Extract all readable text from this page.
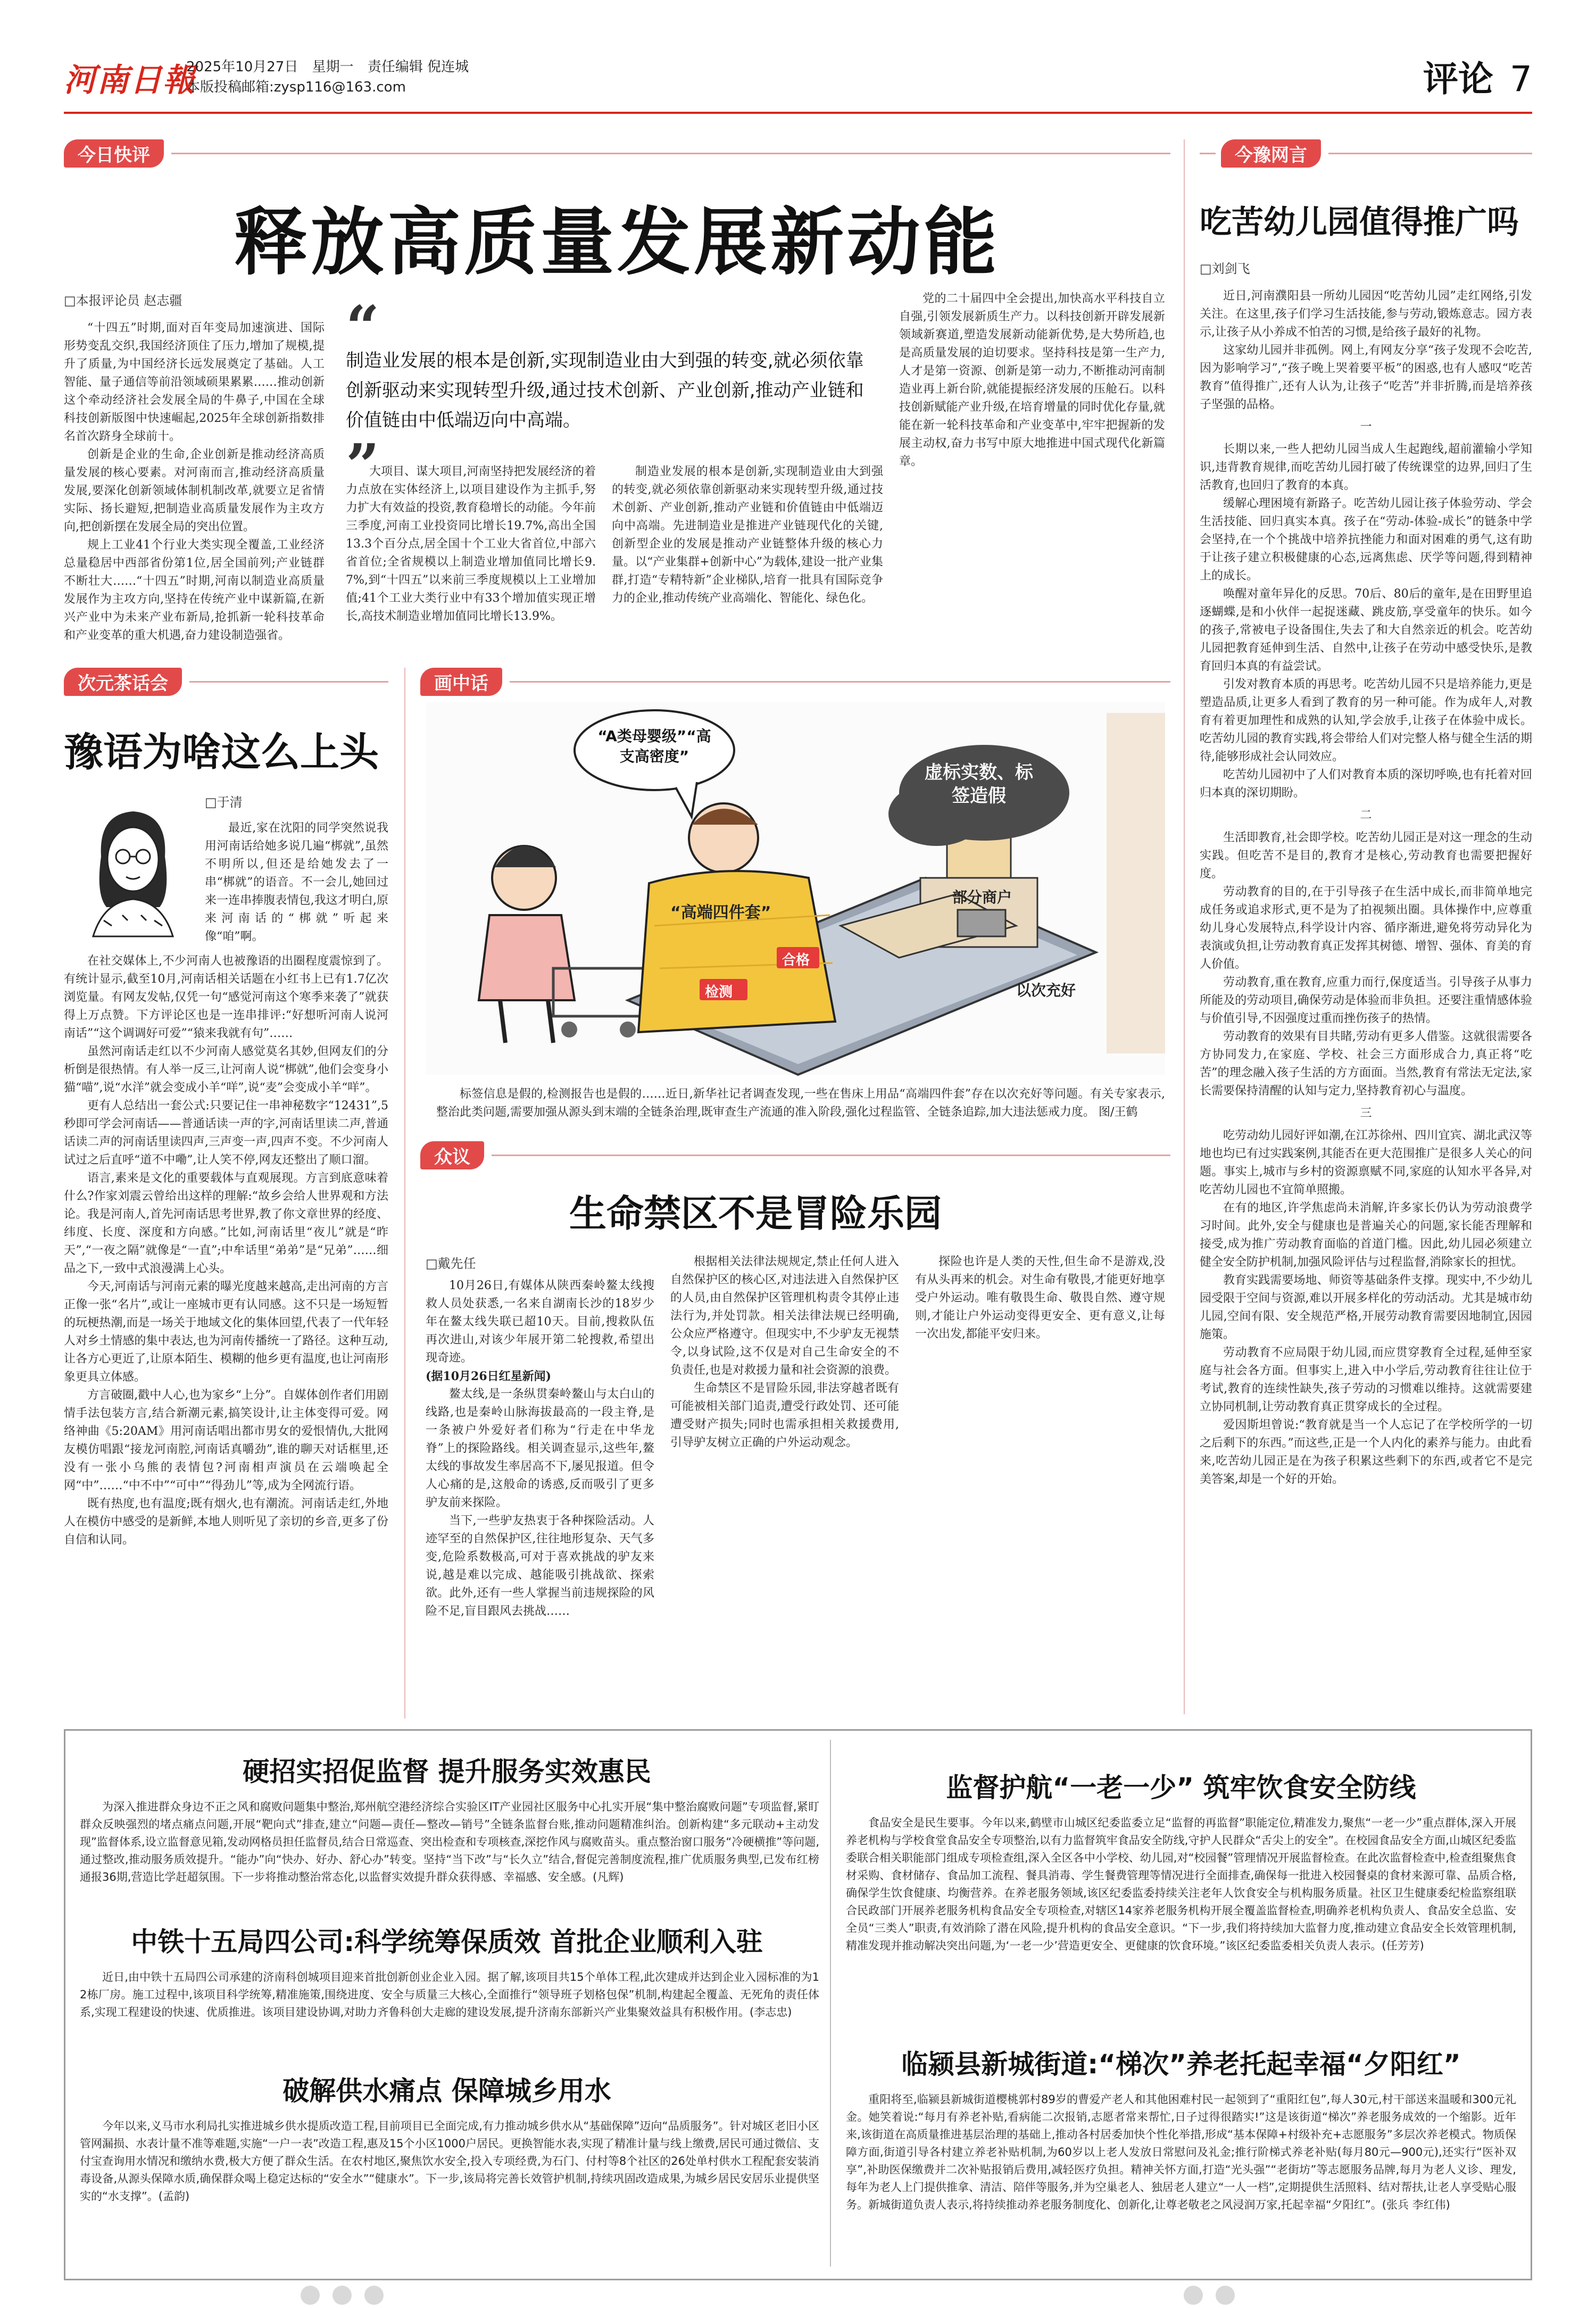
河南日報
2025年10月27日 星期一 责任编辑 倪连城
本版投稿邮箱:zysp116@163.com	评论 7
今日快评
释放高质量发展新动能
□本报评论员 赵志疆

“十四五”时期,面对百年变局加速演进、国际形势变乱交织,我国经济顶住了压力,增加了规模,提升了质量,为中国经济长远发展奠定了基础。人工智能、量子通信等前沿领域硕果累累……推动创新这个牵动经济社会发展全局的牛鼻子,中国在全球科技创新版图中快速崛起,2025年全球创新指数排名首次跻身全球前十。

创新是企业的生命,企业创新是推动经济高质量发展的核心要素。对河南而言,推动经济高质量发展,要深化创新领域体制机制改革,就要立足省情实际、扬长避短,把制造业高质量发展作为主攻方向,把创新摆在发展全局的突出位置。

规上工业41个行业大类实现全覆盖,工业经济总量稳居中西部省份第1位,居全国前列;产业链群不断壮大……“十四五”时期,河南以制造业高质量发展作为主攻方向,坚持在传统产业中谋新篇,在新兴产业中为未来产业布新局,抢抓新一轮科技革命和产业变革的重大机遇,奋力建设制造强省。

“
制造业发展的根本是创新,实现制造业由大到强的转变,就必须依靠创新驱动来实现转型升级,通过技术创新、产业创新,推动产业链和价值链由中低端迈向中高端。
”

大项目、谋大项目,河南坚持把发展经济的着力点放在实体经济上,以项目建设作为主抓手,努力扩大有效益的投资,教育稳增长的动能。今年前三季度,河南工业投资同比增长19.7%,高出全国13.3个百分点,居全国十个工业大省首位,中部六省首位;全省规模以上制造业增加值同比增长9.7%,到“十四五”以来前三季度规模以上工业增加值;41个工业大类行业中有33个增加值实现正增长,高技术制造业增加值同比增长13.9%。

制造业发展的根本是创新,实现制造业由大到强的转变,就必须依靠创新驱动来实现转型升级,通过技术创新、产业创新,推动产业链和价值链由中低端迈向中高端。先进制造业是推进产业链现代化的关键,创新型企业的发展是推动产业链整体升级的核心力量。以“产业集群+创新中心”为载体,建设一批产业集群,打造“专精特新”企业梯队,培育一批具有国际竞争力的企业,推动传统产业高端化、智能化、绿色化。

党的二十届四中全会提出,加快高水平科技自立自强,引领发展新质生产力。以科技创新开辟发展新领域新赛道,塑造发展新动能新优势,是大势所趋,也是高质量发展的迫切要求。坚持科技是第一生产力,人才是第一资源、创新是第一动力,不断推动河南制造业再上新台阶,就能提振经济发展的压舱石。以科技创新赋能产业升级,在培育增量的同时优化存量,就能在新一轮科技革命和产业变革中,牢牢把握新的发展主动权,奋力书写中原大地推进中国式现代化新篇章。

今豫网言
吃苦幼儿园值得推广吗
□刘剑飞

近日,河南濮阳县一所幼儿园因“吃苦幼儿园”走红网络,引发关注。在这里,孩子们学习生活技能,参与劳动,锻炼意志。园方表示,让孩子从小养成不怕苦的习惯,是给孩子最好的礼物。

这家幼儿园并非孤例。网上,有网友分享“孩子发现不会吃苦,因为影响学习”,“孩子晚上哭着要平板”的困惑,也有人感叹“吃苦教育”值得推广,还有人认为,让孩子“吃苦”并非折腾,而是培养孩子坚强的品格。

一

长期以来,一些人把幼儿园当成人生起跑线,超前灌输小学知识,违背教育规律,而吃苦幼儿园打破了传统课堂的边界,回归了生活教育,也回归了教育的本真。

缓解心理困境有新路子。吃苦幼儿园让孩子体验劳动、学会生活技能、回归真实本真。孩子在“劳动-体验-成长”的链条中学会坚持,在一个个挑战中培养抗挫能力和面对困难的勇气,这有助于让孩子建立积极健康的心态,远离焦虑、厌学等问题,得到精神上的成长。

唤醒对童年异化的反思。70后、80后的童年,是在田野里追逐蝴蝶,是和小伙伴一起捉迷藏、跳皮筋,享受童年的快乐。如今的孩子,常被电子设备围住,失去了和大自然亲近的机会。吃苦幼儿园把教育延伸到生活、自然中,让孩子在劳动中感受快乐,是教育回归本真的有益尝试。

引发对教育本质的再思考。吃苦幼儿园不只是培养能力,更是塑造品质,让更多人看到了教育的另一种可能。作为成年人,对教育有着更加理性和成熟的认知,学会放手,让孩子在体验中成长。吃苦幼儿园的教育实践,将会带给人们对完整人格与健全生活的期待,能够形成社会认同效应。

吃苦幼儿园初中了人们对教育本质的深切呼唤,也有托着对回归本真的深切期盼。

二

生活即教育,社会即学校。吃苦幼儿园正是对这一理念的生动实践。但吃苦不是目的,教育才是核心,劳动教育也需要把握好度。

劳动教育的目的,在于引导孩子在生活中成长,而非简单地完成任务或追求形式,更不是为了拍视频出圈。具体操作中,应尊重幼儿身心发展特点,科学设计内容、循序渐进,避免将劳动异化为表演或负担,让劳动教育真正发挥其树德、增智、强体、育美的育人价值。

劳动教育,重在教育,应重力而行,保度适当。引导孩子从事力所能及的劳动项目,确保劳动是体验而非负担。还要注重情感体验与价值引导,不因强度过重而挫伤孩子的热情。

劳动教育的效果有目共睹,劳动有更多人借鉴。这就很需要各方协同发力,在家庭、学校、社会三方面形成合力,真正将“吃苦”的理念融入孩子生活的方方面面。当然,教育有常法无定法,家长需要保持清醒的认知与定力,坚持教育初心与温度。

三

吃劳动幼儿园好评如潮,在江苏徐州、四川宜宾、湖北武汉等地也均已有过实践案例,其能否在更大范围推广是很多人关心的问题。事实上,城市与乡村的资源禀赋不同,家庭的认知水平各异,对吃苦幼儿园也不宜简单照搬。

在有的地区,许学焦虑尚未消解,许多家长仍认为劳动浪费学习时间。此外,安全与健康也是普遍关心的问题,家长能否理解和接受,成为推广劳动教育面临的首道门槛。因此,幼儿园必须建立健全安全防护机制,加强风险评估与过程监督,消除家长的担忧。

教育实践需要场地、师资等基础条件支撑。现实中,不少幼儿园受限于空间与资源,难以开展多样化的劳动活动。尤其是城市幼儿园,空间有限、安全规范严格,开展劳动教育需要因地制宜,因园施策。

劳动教育不应局限于幼儿园,而应贯穿教育全过程,延伸至家庭与社会各方面。但事实上,进入中小学后,劳动教育往往让位于考试,教育的连续性缺失,孩子劳动的习惯难以维持。这就需要建立协同机制,让劳动教育真正贯穿成长的全过程。

爱因斯坦曾说:“教育就是当一个人忘记了在学校所学的一切之后剩下的东西。”而这些,正是一个人内化的素养与能力。由此看来,吃苦幼儿园正是在为孩子积累这些剩下的东西,或者它不是完美答案,却是一个好的开始。

次元茶话会
豫语为啥这么上头
□于清

最近,家在沈阳的同学突然说我用河南话给她多说几遍“梆就”,虽然不明所以,但还是给她发去了一串“梆就”的语音。不一会儿,她回过来一连串捧腹表情包,我这才明白,原来河南话的“梆就”听起来像“咱”啊。

在社交媒体上,不少河南人也被豫语的出圈程度震惊到了。有统计显示,截至10月,河南话相关话题在小红书上已有1.7亿次浏览量。有网友发帖,仅凭一句“感觉河南这个寒季来袭了”就获得上万点赞。下方评论区也是一连串排评:“好想听河南人说河南话”“这个调调好可爱”“猿来我就有句”……

虽然河南话走红以不少河南人感觉莫名其妙,但网友们的分析倒是很热情。有人举一反三,让河南人说“梆就”,他们会变身小猫“喵”,说“水洋”就会变成小羊“咩”,说“麦”会变成小羊“咩”。

更有人总结出一套公式:只要记住一串神秘数字“12431”,5秒即可学会河南话——普通话读一声的字,河南话里读二声,普通话读二声的河南话里读四声,三声变一声,四声不变。不少河南人试过之后直呼“道不中嘞”,让人笑不停,网友还整出了顺口溜。

语言,素来是文化的重要载体与直观展现。方言到底意味着什么?作家刘震云曾给出这样的理解:“故乡会给人世界观和方法论。我是河南人,首先河南话思考世界,教了你文章世界的经度、纬度、长度、深度和方向感。”比如,河南话里“夜儿”就是“昨天”,“一夜之隔”就像是“一直”;中牟话里“弟弟”是“兄弟”……细品之下,一致中式浪漫满上心头。

今天,河南话与河南元素的曝光度越来越高,走出河南的方言正像一张“名片”,或让一座城市更有认同感。这不只是一场短暂的玩梗热潮,而是一场关于地域文化的集体回望,代表了一代年轻人对乡土情感的集中表达,也为河南传播统一了路径。这种互动,让各方心更近了,让原本陌生、模糊的他乡更有温度,也让河南形象更具立体感。

方言破圈,戳中人心,也为家乡“上分”。自媒体创作者们用剧情手法包装方言,结合新潮元素,搞笑设计,让主体变得可爱。网络神曲《5:20AM》用河南话唱出都市男女的爱恨情仇,大批网友模仿唱跟“接龙河南腔,河南话真嚼劲”,谁的聊天对话框里,还没有一张小乌熊的表情包?河南相声演员在云端唤起全网“中”……“中不中”“可中”“得劲儿”等,成为全网流行语。

既有热度,也有温度;既有烟火,也有潮流。河南话走红,外地人在模仿中感受的是新鲜,本地人则听见了亲切的乡音,更多了份自信和认同。

画中话
“A类母婴级”“高支高密度”
虚标实数、标签造假
“高端四件套”
检测
合格
部分商户
以次充好

标签信息是假的,检测报告也是假的……近日,新华社记者调查发现,一些在售床上用品“高端四件套”存在以次充好等问题。有关专家表示,整治此类问题,需要加强从源头到末端的全链条治理,既审查生产流通的准入阶段,强化过程监管、全链条追踪,加大违法惩戒力度。 图/王鹤

众议
生命禁区不是冒险乐园
□戴先任

10月26日,有媒体从陕西秦岭鳌太线搜救人员处获悉,一名来自湖南长沙的18岁少年在鳌太线失联已超10天。目前,搜救队伍再次进山,对该少年展开第二轮搜救,希望出现奇迹。

(据10月26日红星新闻)

鳌太线,是一条纵贯秦岭鳌山与太白山的线路,也是秦岭山脉海拔最高的一段主脊,是一条被户外爱好者们称为“行走在中华龙脊”上的探险路线。相关调查显示,这些年,鳌太线的事故发生率居高不下,屡见报道。但令人心痛的是,这般命的诱惑,反而吸引了更多驴友前来探险。

当下,一些驴友热衷于各种探险活动。人迹罕至的自然保护区,往往地形复杂、天气多变,危险系数极高,可对于喜欢挑战的驴友来说,越是难以完成、越能吸引挑战欲、探索欲。此外,还有一些人掌握当前违规探险的风险不足,盲目跟风去挑战……

根据相关法律法规规定,禁止任何人进入自然保护区的核心区,对违法进入自然保护区的人员,由自然保护区管理机构责令其停止违法行为,并处罚款。相关法律法规已经明确,公众应严格遵守。但现实中,不少驴友无视禁令,以身试险,这不仅是对自己生命安全的不负责任,也是对救援力量和社会资源的浪费。

生命禁区不是冒险乐园,非法穿越者既有可能被相关部门追责,遭受行政处罚、还可能遭受财产损失;同时也需承担相关救援费用,引导驴友树立正确的户外运动观念。

探险也许是人类的天性,但生命不是游戏,没有从头再来的机会。对生命有敬畏,才能更好地享受户外运动。唯有敬畏生命、敬畏自然、遵守规则,才能让户外运动变得更安全、更有意义,让每一次出发,都能平安归来。

硬招实招促监督 提升服务实效惠民

为深入推进群众身边不正之风和腐败问题集中整治,郑州航空港经济综合实验区IT产业园社区服务中心扎实开展“集中整治腐败问题”专项监督,紧盯群众反映强烈的堵点痛点问题,开展“靶向式”排查,建立“问题—责任—整改—销号”全链条监督台账,推动问题精准纠治。创新构建“多元联动+主动发现”监督体系,设立监督意见箱,发动网格员担任监督员,结合日常巡查、突出检查和专项核查,深挖作风与腐败苗头。重点整治窗口服务“冷硬横推”等问题,通过整改,推动服务质效提升。“能办”向“快办、好办、舒心办”转变。坚持“当下改”与“长久立”结合,督促完善制度流程,推广优质服务典型,已发布红榜通报36期,营造比学赶超氛围。下一步将推动整治常态化,以监督实效提升群众获得感、幸福感、安全感。(凡辉)

中铁十五局四公司:科学统筹保质效 首批企业顺利入驻

近日,由中铁十五局四公司承建的济南科创城项目迎来首批创新创业企业入园。据了解,该项目共15个单体工程,此次建成并达到企业入园标准的为12栋厂房。施工过程中,该项目科学统筹,精准施策,围绕进度、安全与质量三大核心,全面推行“领导班子划格包保”机制,构建起全覆盖、无死角的责任体系,实现工程建设的快速、优质推进。该项目建设协调,对助力齐鲁科创大走廊的建设发展,提升济南东部新兴产业集聚效益具有积极作用。(李志忠)

破解供水痛点 保障城乡用水

今年以来,义马市水利局扎实推进城乡供水提质改造工程,目前项目已全面完成,有力推动城乡供水从“基础保障”迈向“品质服务”。针对城区老旧小区管网漏损、水表计量不准等难题,实施“一户一表”改造工程,惠及15个小区1000户居民。更换智能水表,实现了精准计量与线上缴费,居民可通过微信、支付宝查询用水情况和缴纳水费,极大方便了群众生活。在农村地区,聚焦饮水安全,投入专项经费,为石门、付村等8个社区的26处单村供水工程配套安装消毒设备,从源头保障水质,确保群众喝上稳定达标的“安全水”“健康水”。下一步,该局将完善长效管护机制,持续巩固改造成果,为城乡居民安居乐业提供坚实的“水支撑”。(孟韵)

监督护航“一老一少” 筑牢饮食安全防线

食品安全是民生要事。今年以来,鹤壁市山城区纪委监委立足“监督的再监督”职能定位,精准发力,聚焦“一老一少”重点群体,深入开展养老机构与学校食堂食品安全专项整治,以有力监督筑牢食品安全防线,守护人民群众“舌尖上的安全”。在校园食品安全方面,山城区纪委监委联合相关职能部门组成专项检查组,深入全区各中小学校、幼儿园,对“校园餐”管理情况开展监督检查。在此次监督检查中,检查组聚焦食材采购、食材储存、食品加工流程、餐具消毒、学生餐费管理等情况进行全面排查,确保每一批进入校园餐桌的食材来源可靠、品质合格,确保学生饮食健康、均衡营养。在养老服务领域,该区纪委监委持续关注老年人饮食安全与机构服务质量。社区卫生健康委纪检监察组联合民政部门开展养老服务机构食品安全专项检查,对辖区14家养老服务机构开展全覆盖监督检查,明确养老机构负责人、食品安全总监、安全员“三类人”职责,有效消除了潜在风险,提升机构的食品安全意识。“下一步,我们将持续加大监督力度,推动建立食品安全长效管理机制,精准发现并推动解决突出问题,为‘一老一少’营造更安全、更健康的饮食环境。”该区纪委监委相关负责人表示。(任芳芳)

临颍县新城街道:“梯次”养老托起幸福“夕阳红”

重阳将至,临颍县新城街道樱桃郭村89岁的曹爱产老人和其他困难村民一起领到了“重阳红包”,每人30元,村干部送来温暖和300元礼金。她笑着说:“每月有养老补贴,看病能二次报销,志愿者常来帮忙,日子过得很踏实!”这是该街道“梯次”养老服务成效的一个缩影。近年来,该街道在高质量推进基层治理的基础上,推动各村居委加快个性化举措,形成“基本保障+村级补充+志愿服务”多层次养老模式。物质保障方面,街道引导各村建立养老补贴机制,为60岁以上老人发放日常慰问及礼金;推行阶梯式养老补贴(每月80元—900元),还实行“医补双享”,补助医保缴费并二次补贴报销后费用,减轻医疗负担。精神关怀方面,打造“光头强”“老街坊”等志愿服务品牌,每月为老人义诊、理发,每年为老人上门提供推拿、清洁、陪伴等服务,并为空巢老人、独居老人建立“一人一档”,定期提供生活照料、结对帮扶,让老人享受贴心服务。新城街道负责人表示,将持续推动养老服务制度化、创新化,让尊老敬老之风浸润万家,托起幸福“夕阳红”。(张兵 李红伟)
